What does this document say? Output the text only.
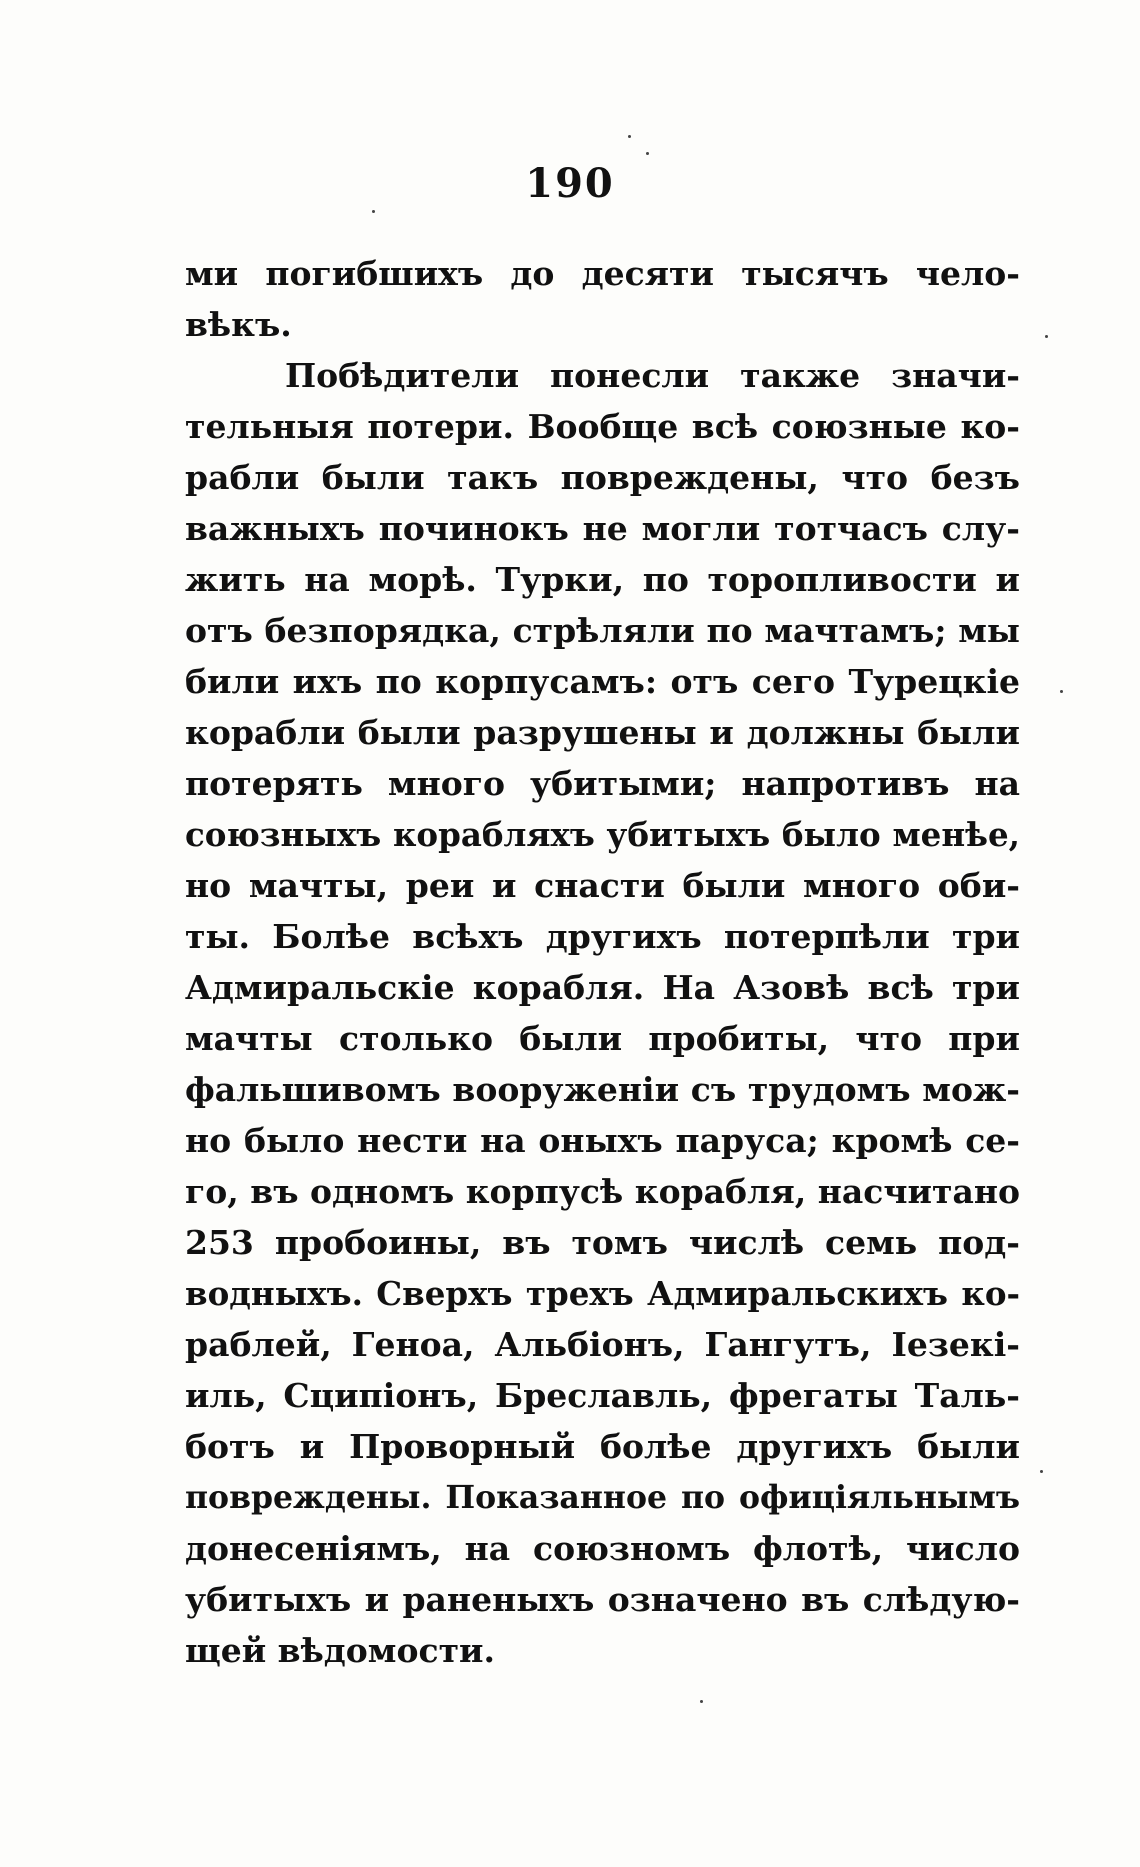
190
ми погибшихъ до десяти тысячъ чело-
вѣкъ.
Побѣдители понесли также значи-
тельныя потери. Вообще всѣ союзные ко-
рабли были такъ повреждены, что безъ
важныхъ починокъ не могли тотчасъ слу-
жить на морѣ. Турки, по торопливости и
отъ безпорядка, стрѣляли по мачтамъ; мы
били ихъ по корпусамъ: отъ сего Турецкіе
корабли были разрушены и должны были
потерять много убитыми; напротивъ на
союзныхъ корабляхъ убитыхъ было менѣе,
но мачты, реи и снасти были много оби-
ты. Болѣе всѣхъ другихъ потерпѣли три
Адмиральскіе корабля. На Азовѣ всѣ три
мачты столько были пробиты, что при
фальшивомъ вооруженіи съ трудомъ мож-
но было нести на оныхъ паруса; кромѣ се-
го, въ одномъ корпусѣ корабля, насчитано
253 пробоины, въ томъ числѣ семь под-
водныхъ. Сверхъ трехъ Адмиральскихъ ко-
раблей, Геноа, Альбіонъ, Гангутъ, Іезекі-
иль, Сципіонъ, Бреславль, фрегаты Таль-
ботъ и Проворный болѣе другихъ были
повреждены. Показанное по офиціяльнымъ
донесеніямъ, на союзномъ флотѣ, число
убитыхъ и раненыхъ означено въ слѣдую-
щей вѣдомости.
